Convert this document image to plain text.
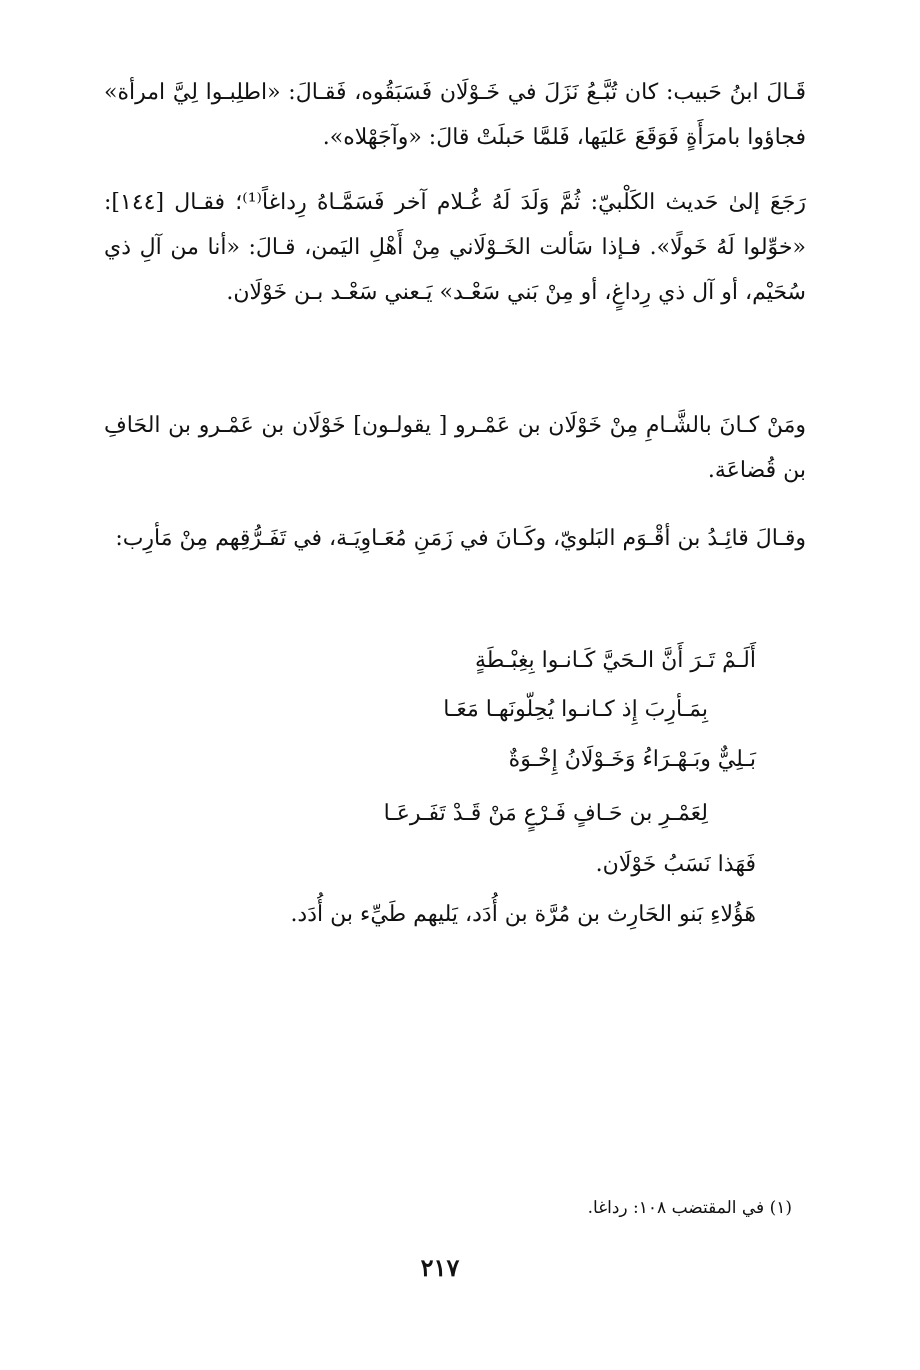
قَـالَ ابنُ حَبيب: كان تُبَّـعُ نَزَلَ في خَـوْلَان فَسَبَقُوه، فَقـالَ: «اطلِبـوا لِيَّ امرأة» فجاؤوا بامرَأَةٍ فَوَقَعَ عَليَها، فَلمَّا حَبلَتْ قالَ: «وآجَهْلاه».

رَجَعَ إلىٰ حَديث الكَلْبيّ: ثُمَّ وَلَدَ لَهُ غُـلام آخر فَسَمَّـاهُ رِداغاً⁽¹⁾؛ فقـال [١٤٤]: «خوِّلوا لَهُ خَولًا». فـإذا سَألت الخَـوْلَاني مِنْ أَهْلِ اليَمن، قـالَ: «أنا من آلِ ذي سُحَيْم، أو آل ذي رِداغٍ، أو مِنْ بَني سَعْـد» يَـعني سَعْـد بـن خَوْلَان.

ومَنْ كـانَ بالشَّـامِ مِنْ خَوْلَان بن عَمْـرو [ يقولـون] خَوْلَان بن عَمْـرو بن الحَافِ بن قُضاعَة.

وقـالَ قائِـدُ بن أقْـوَم البَلويّ، وكَـانَ في زَمَنِ مُعَـاوِيَـة، في تَفَـرُّقِهم مِنْ مَأرِب:

أَلَـمْ تَـرَ أَنَّ الـحَيَّ كَـانـوا بِغِبْـطَةٍ
بِمَـأرِبَ إِذ كـانـوا يُحِلّونَهـا مَعَـا
بَـلِيٌّ وبَـهْـرَاءُ وَخَـوْلَانُ إِخْـوَةٌ
لِعَمْـرِ بن حَـافٍ فَـرْعٍ مَنْ قَـدْ تَفَـرعَـا
فَهَذا نَسَبُ خَوْلَان.
هَؤُلاءِ بَنو الحَارِث بن مُرَّة بن أُدَد، يَليهم طَيِّء بن أُدَد.
(١) في المقتضب ١٠٨: رداغا.
٢١٧
